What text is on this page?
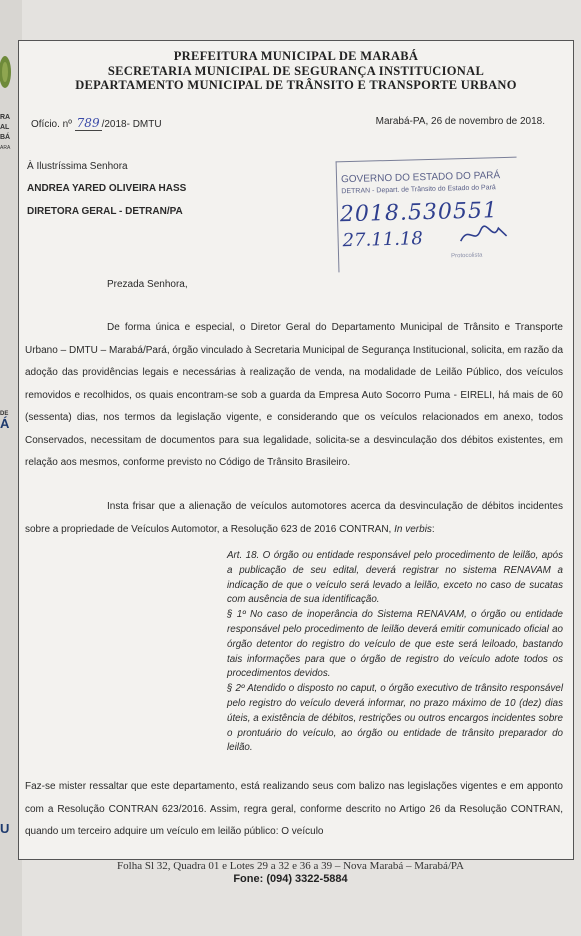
RA
AL
BÁ
ARA
DE
Á
U
PREFEITURA MUNICIPAL DE MARABÁ
SECRETARIA MUNICIPAL DE SEGURANÇA INSTITUCIONAL
DEPARTAMENTO MUNICIPAL DE TRÂNSITO E TRANSPORTE URBANO
Ofício. nº 789 /2018- DMTU	Marabá-PA, 26 de novembro de 2018.
À Ilustríssima Senhora
ANDREA YARED OLIVEIRA HASS
DIRETORA GERAL - DETRAN/PA
GOVERNO DO ESTADO DO PARÁ
DETRAN - Depart. de Trânsito do Estado do Pará
2018.530551
27.11.18
Protocolista
Prezada Senhora,

De forma única e especial, o Diretor Geral do Departamento Municipal de Trânsito e Transporte Urbano – DMTU – Marabá/Pará, órgão vinculado à Secretaria Municipal de Segurança Institucional, solicita, em razão da adoção das providências legais e necessárias à realização de venda, na modalidade de Leilão Público, dos veículos removidos e recolhidos, os quais encontram-se sob a guarda da Empresa Auto Socorro Puma - EIRELI, há mais de 60 (sessenta) dias, nos termos da legislação vigente, e considerando que os veículos relacionados em anexo, todos Conservados, necessitam de documentos para sua legalidade, solicita-se a desvinculação dos débitos existentes, em relação aos mesmos, conforme previsto no Código de Trânsito Brasileiro.

Insta frisar que a alienação de veículos automotores acerca da desvinculação de débitos incidentes sobre a propriedade de Veículos Automotor, a Resolução 623 de 2016 CONTRAN, In verbis:

Art. 18. O órgão ou entidade responsável pelo procedimento de leilão, após a publicação de seu edital, deverá registrar no sistema RENAVAM a indicação de que o veículo será levado a leilão, exceto no caso de sucatas com ausência de sua identificação.

§ 1º No caso de inoperância do Sistema RENAVAM, o órgão ou entidade responsável pelo procedimento de leilão deverá emitir comunicado oficial ao órgão detentor do registro do veículo de que este será leiloado, bastando tais informações para que o órgão de registro do veículo adote todos os procedimentos devidos.

§ 2º Atendido o disposto no caput, o órgão executivo de trânsito responsável pelo registro do veículo deverá informar, no prazo máximo de 10 (dez) dias úteis, a existência de débitos, restrições ou outros encargos incidentes sobre o prontuário do veículo, ao órgão ou entidade de trânsito preparador do leilão.

Faz-se mister ressaltar que este departamento, está realizando seus com balizo nas legislações vigentes e em apponto com a Resolução CONTRAN 623/2016. Assim, regra geral, conforme descrito no Artigo 26 da Resolução CONTRAN, quando um terceiro adquire um veículo em leilão público: O veículo
Folha Sl 32, Quadra 01 e Lotes 29 a 32 e 36 a 39 – Nova Marabá – Marabá/PA
Fone: (094) 3322-5884
